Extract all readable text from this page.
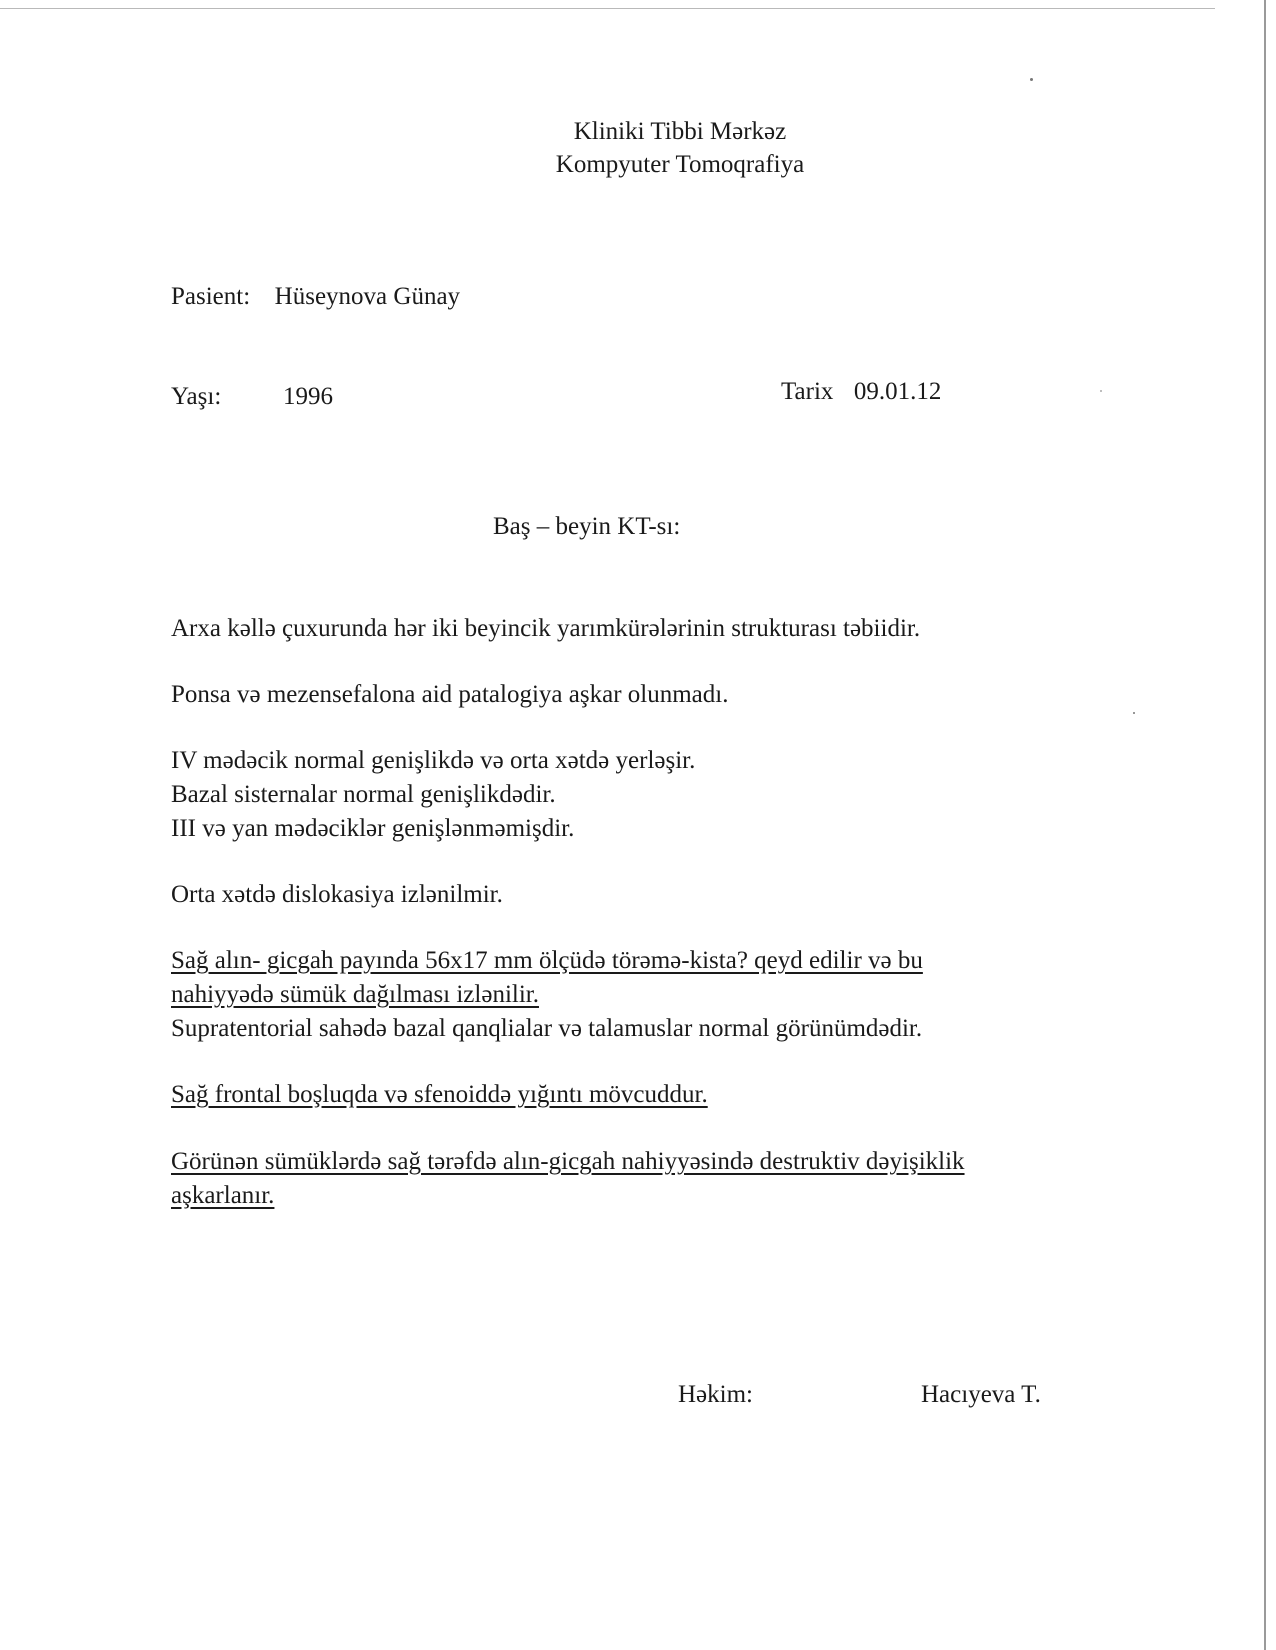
Kliniki Tibbi Mərkəz
Kompyuter Tomoqrafiya
Pasient: Hüseynova Günay
Yaşı: 1996	Tarix 09.01.12
Baş – beyin KT-sı:
Arxa kəllə çuxurunda hər iki beyincik yarımkürələrinin strukturası təbiidir.
Ponsa və mezensefalona aid patalogiya aşkar olunmadı.
IV mədəcik normal genişlikdə və orta xətdə yerləşir.
Bazal sisternalar normal genişlikdədir.
III və yan mədəciklər genişlənməmişdir.
Orta xətdə dislokasiya izlənilmir.
Sağ alın- gicgah payında 56x17 mm ölçüdə törəmə-kista? qeyd edilir və bu
nahiyyədə sümük dağılması izlənilir.
Supratentorial sahədə bazal qanqlialar və talamuslar normal görünümdədir.
Sağ frontal boşluqda və sfenoiddə yığıntı mövcuddur.
Görünən sümüklərdə sağ tərəfdə alın-gicgah nahiyyəsində destruktiv dəyişiklik
aşkarlanır.
Həkim:	Hacıyeva T.
